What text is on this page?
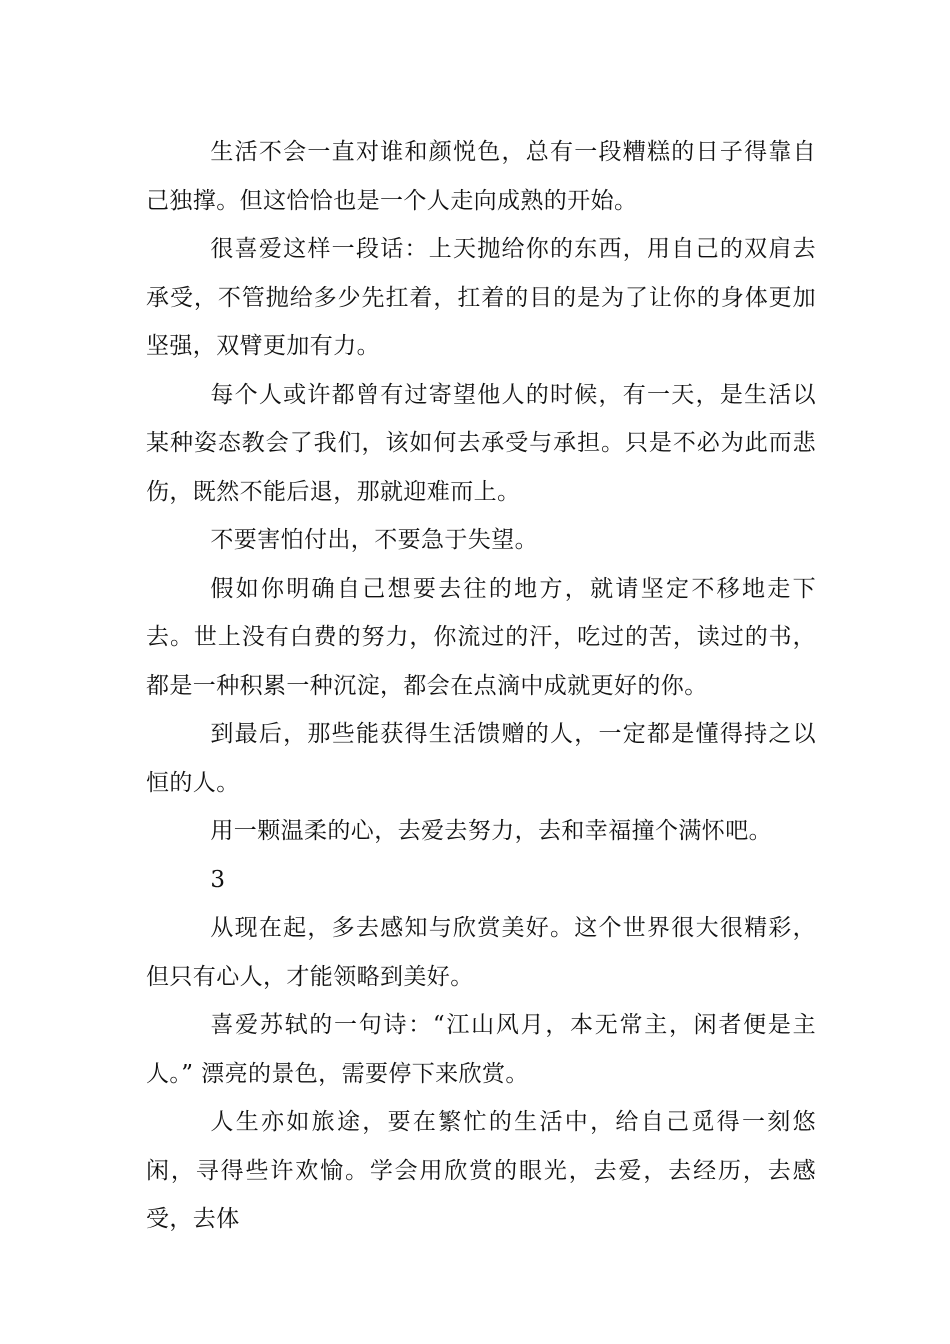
生活不会一直对谁和颜悦色，总有一段糟糕的日子得靠自己独撑。但这恰恰也是一个人走向成熟的开始。

很喜爱这样一段话：上天抛给你的东西，用自己的双肩去承受，不管抛给多少先扛着，扛着的目的是为了让你的身体更加坚强，双臂更加有力。

每个人或许都曾有过寄望他人的时候，有一天，是生活以某种姿态教会了我们，该如何去承受与承担。只是不必为此而悲伤，既然不能后退，那就迎难而上。

不要害怕付出，不要急于失望。

假如你明确自己想要去往的地方，就请坚定不移地走下去。世上没有白费的努力，你流过的汗，吃过的苦，读过的书，都是一种积累一种沉淀，都会在点滴中成就更好的你。

到最后，那些能获得生活馈赠的人，一定都是懂得持之以恒的人。

用一颗温柔的心，去爱去努力，去和幸福撞个满怀吧。

3

从现在起，多去感知与欣赏美好。这个世界很大很精彩，但只有心人，才能领略到美好。

喜爱苏轼的一句诗：“江山风月，本无常主，闲者便是主人。” 漂亮的景色，需要停下来欣赏。

人生亦如旅途，要在繁忙的生活中，给自己觅得一刻悠闲，寻得些许欢愉。学会用欣赏的眼光，去爱，去经历，去感受，去体
